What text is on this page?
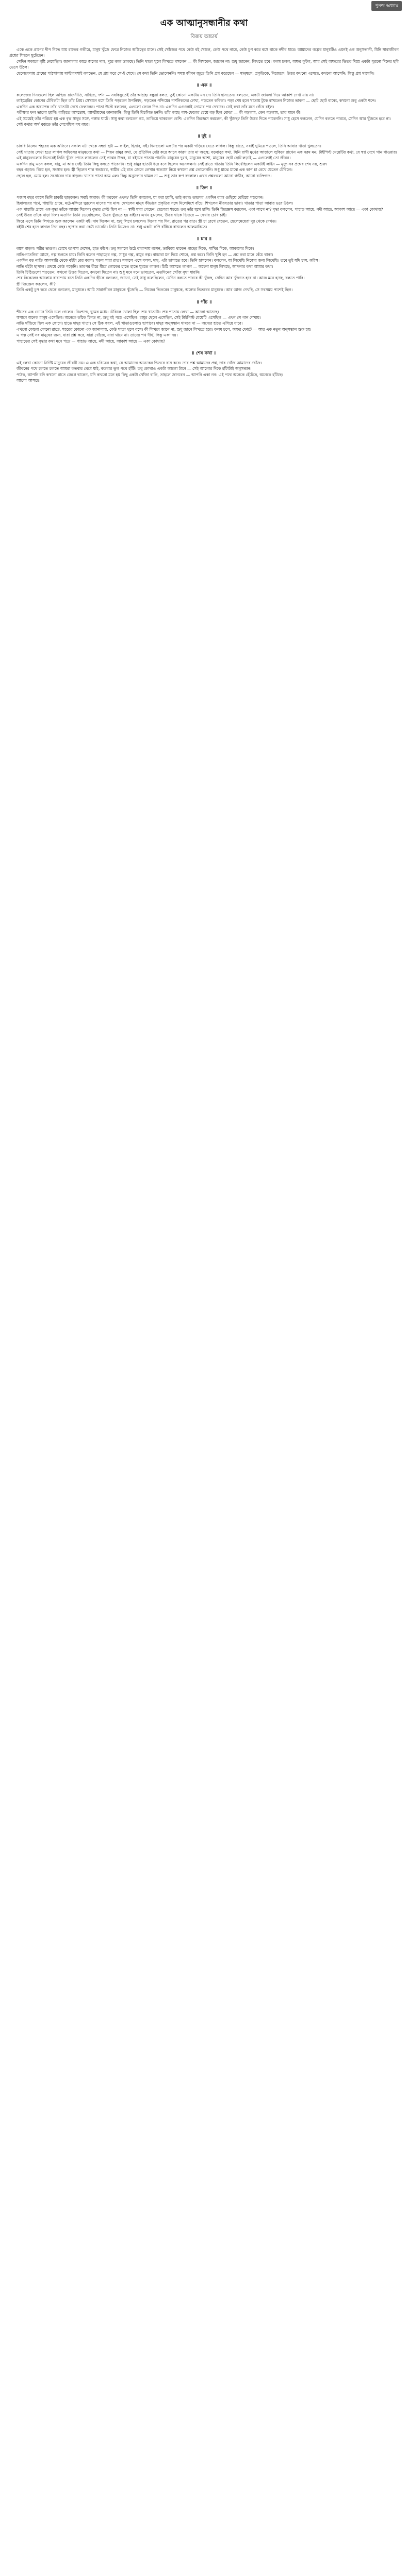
পুনশ্চ অধ্যায়
এক আত্মানুসন্ধানীর কথা
বিজয় আচার্য

একে একে প্রাণের দীপ নিভে যায় রাতের গভীরে, মানুষ খুঁজে ফেরে নিজের অস্তিত্বের মানে। সেই খোঁজের পথে কেউ বই খোলে, কেউ পথে নামে, কেউ চুপ করে বসে থাকে নদীর ধারে। আমাদের গল্পের মানুষটিও এমনই এক অনুসন্ধানী, যিনি সারাজীবন প্রশ্নের পিছনে ছুটেছেন।

সেদিন সকালে বৃষ্টি নেমেছিল। জানালার কাচে জলের দাগ, দূরে কাক ডাকছে। তিনি খাতা খুলে লিখতে বসলেন — কী লিখবেন, জানেন না। শুধু জানেন, লিখতে হবে। কলম চলল, অক্ষর ফুটল, আর সেই অক্ষরের ভিতর দিয়ে একটা পুরনো দিনের ছবি ভেসে উঠল।

ছেলেবেলায় গ্রামের পাঠশালায় মাস্টারমশাই বলতেন, যে প্রশ্ন করে সে-ই শেখে। সে কথা তিনি ভোলেননি। সমস্ত জীবন জুড়ে তিনি প্রশ্ন করেছেন — মানুষকে, প্রকৃতিকে, নিজেকে। উত্তর কখনো এসেছে, কখনো আসেনি; কিন্তু প্রশ্ন থামেনি।

॥ এক ॥

কলেজের দিনগুলো ছিল অস্থির। রাজনীতি, সাহিত্য, দর্শন — সবকিছুতেই তাঁর আগ্রহ। বন্ধুরা বলত, তুই কোনো একটায় মন দে। তিনি হাসতেন। বলতেন, একটা জানলা দিয়ে আকাশ দেখা যায় না।

লাইব্রেরির কোণের টেবিলটা ছিল তাঁর প্রিয়। সেখানে বসে তিনি পড়তেন উপনিষদ, পড়তেন পশ্চিমের দার্শনিকদের লেখা, পড়তেন কবিতা। পড়া শেষ হলে খাতায় টুকে রাখতেন নিজের ভাবনা — ছোট ছোট বাক্যে, কখনো শুধু একটা শব্দে।

একদিন এক অধ্যাপক তাঁর খাতাটা দেখে ফেললেন। পাতা উল্টে বললেন, এগুলো ফেলে দিও না। একদিন এগুলোই তোমার পথ দেখাবে। সেই কথা তাঁর মনে গেঁথে রইল।

পরীক্ষার ফল ভালো হয়নি। বাড়িতে অসন্তোষ, আত্মীয়দের কানাকানি। কিন্তু তিনি বিচলিত হননি। তাঁর কাছে পাশ-ফেলের চেয়ে বড় ছিল বোঝা — কী পড়লাম, কেন পড়লাম, তার মানে কী।

এই সময়েই তাঁর পরিচয় হয় এক বৃদ্ধ সাধুর সঙ্গে, গঙ্গার ঘাটে। সাধু কথা বলতেন কম, তাকিয়ে থাকতেন বেশি। একদিন জিজ্ঞেস করলেন, কী খুঁজছ? তিনি উত্তর দিতে পারেননি। সাধু হেসে বললেন, যেদিন বলতে পারবে, সেদিন আর খুঁজতে হবে না।

সেই কথার অর্থ বুঝতে তাঁর লেগেছিল বহু বছর।

॥ দুই ॥

চাকরি নিলেন শহরের এক অফিসে। সকাল নটা থেকে সন্ধ্যা ছটা — ফাইল, হিসাব, সই। দিনগুলো একটার পর একটা গড়িয়ে যেতে লাগল। কিন্তু রাতে, সবাই ঘুমিয়ে পড়লে, তিনি আবার খাতা খুলতেন।

সেই খাতায় লেখা হতে লাগল অফিসের মানুষদের কথা — পিয়ন রামুর কথা, যে প্রতিদিন দেরি করে আসে কারণ তার মা অসুস্থ; বড়বাবুর কথা, যিনি রাগী মুখের আড়ালে লুকিয়ে রাখেন এক নরম মন; টাইপিস্ট মেয়েটির কথা, যে স্বপ্ন দেখে গান গাওয়ার।

এই মানুষগুলোর ভিতরেই তিনি খুঁজে পেতে লাগলেন সেই প্রশ্নের উত্তর, যা বইয়ের পাতায় পাননি। মানুষের দুঃখ, মানুষের আশা, মানুষের ছোট ছোট লড়াই — এগুলোই তো জীবন।

একদিন রামু এসে বলল, বাবু, মা আর নেই। তিনি কিছু বলতে পারেননি। শুধু রামুর হাতটা ধরে বসে ছিলেন অনেকক্ষণ। সেই রাতে খাতায় তিনি লিখেছিলেন একটাই লাইন — মৃত্যু সব প্রশ্নের শেষ নয়, শুরু।

বছর গড়াল। বিয়ে হল, সংসার হল। স্ত্রী ছিলেন শান্ত স্বভাবের, স্বামীর এই রাত জেগে লেখার অভ্যাস নিয়ে কখনো প্রশ্ন তোলেননি। শুধু মাঝে মাঝে এক কাপ চা রেখে যেতেন টেবিলে।

ছেলে হল, মেয়ে হল। সংসারের দায় বাড়ল। খাতার পাতা কমে এল। কিন্তু অনুসন্ধান থামল না — শুধু তার রূপ বদলাল। এখন প্রশ্নগুলো আরো গভীর, আরো ব্যক্তিগত।

॥ তিন ॥

পঞ্চাশ বছর বয়সে তিনি চাকরি ছাড়লেন। সবাই অবাক। কী করবেন এখন? তিনি বললেন, যা করা হয়নি, তাই করব। তারপর একদিন ব্যাগ গুছিয়ে বেরিয়ে পড়লেন।

হিমালয়ের পথে, পাহাড়ি গ্রামে, মঠে-মন্দিরে ঘুরলেন মাসের পর মাস। দেখলেন মানুষ কীভাবে প্রকৃতির সঙ্গে মিলেমিশে বাঁচে। শিখলেন নীরবতার ভাষা। খাতার পাতা আবার ভরে উঠল।

এক পাহাড়ি গ্রামে এক বৃদ্ধা তাঁকে আশ্রয় দিলেন। বৃদ্ধার কেউ ছিল না — স্বামী মারা গেছেন, ছেলেরা শহরে। তবু তাঁর মুখে হাসি। তিনি জিজ্ঞেস করলেন, একা লাগে না? বৃদ্ধা বললেন, পাহাড় আছে, নদী আছে, আকাশ আছে — একা কোথায়?

সেই উত্তর তাঁকে নাড়া দিল। এতদিন তিনি ভেবেছিলেন, উত্তর খুঁজতে হয় বাইরে। এখন বুঝলেন, উত্তর থাকে ভিতরে — দেখার চোখ চাই।

ফিরে এসে তিনি লিখতে শুরু করলেন একটা বই। নাম দিলেন না, শুধু লিখে চললেন। দিনের পর দিন, রাতের পর রাত। স্ত্রী চা রেখে যেতেন, ছেলেমেয়েরা দূর থেকে দেখত।

বইটা শেষ হতে লাগল তিন বছর। ছাপার কথা কেউ ভাবেনি। তিনি নিজেও না। শুধু একটা কপি বাঁধিয়ে রাখলেন আলমারিতে।

॥ চার ॥

বয়স বাড়ল। শরীর ভাঙল। চোখে ঝাপসা দেখেন, হাত কাঁপে। তবু সকালে উঠে বারান্দায় বসেন, তাকিয়ে থাকেন গাছের দিকে, পাখির দিকে, আকাশের দিকে।

নাতি-নাতনিরা আসে, গল্প শুনতে চায়। তিনি বলেন পাহাড়ের গল্প, সাধুর গল্প, রামুর গল্প। বাচ্চারা মন দিয়ে শোনে, প্রশ্ন করে। তিনি খুশি হন — প্রশ্ন করা মানে বেঁচে থাকা।

একদিন বড় নাতি আলমারি থেকে বইটা বের করল। পড়ল সারা রাত। সকালে এসে বলল, দাদু, এটা ছাপাতে হবে। তিনি হাসলেন। বললেন, যা লিখেছি নিজের জন্য লিখেছি। তবে তুই যদি চাস, করিস।

নাতি বইটা ছাপাল। প্রথমে কেউ পড়েনি। তারপর ধীরে ধীরে লোকের হাতে হাতে ঘুরতে লাগল। চিঠি আসতে লাগল — অচেনা মানুষ লিখছে, আপনার কথা আমার কথা।

তিনি চিঠিগুলো পড়তেন, কখনো উত্তর দিতেন, কখনো দিতেন না। শুধু মনে মনে ভাবতেন, এতদিনের খোঁজ বৃথা যায়নি।

শেষ বিকেলের আলোয় বারান্দায় বসে তিনি একদিন স্ত্রীকে বললেন, জানো, সেই সাধু বলেছিলেন, যেদিন বলতে পারবে কী খুঁজছ, সেদিন আর খুঁজতে হবে না। আজ মনে হচ্ছে, বলতে পারি।

স্ত্রী জিজ্ঞেস করলেন, কী?

তিনি একটু চুপ করে থেকে বললেন, মানুষকে। আমি সারাজীবন মানুষকে খুঁজেছি — নিজের ভিতরের মানুষকে, অন্যের ভিতরের মানুষকে। আর আজ দেখছি, সে সবসময় পাশেই ছিল।

॥ পাঁচ ॥

শীতের এক ভোরে তিনি চলে গেলেন। নিঃশব্দে, ঘুমের মধ্যে। টেবিলে খোলা ছিল শেষ খাতাটা। শেষ পাতায় লেখা — আলো আসছে।

শ্মশানে অনেক মানুষ এসেছিল। অনেকে তাঁকে চিনত না, শুধু বই পড়ে এসেছিল। রামুর ছেলে এসেছিল, সেই টাইপিস্ট মেয়েটি এসেছিল — এখন সে গান শেখায়।

নাতি দাঁড়িয়ে ছিল এক কোণে। হাতে দাদুর খাতা। সে ঠিক করল, এই খাতাগুলোও ছাপাবে। দাদুর অনুসন্ধান থামবে না — অন্যের হাতে এগিয়ে যাবে।

এখনো কোনো কোনো রাতে, শহরের কোনো এক জানালায়, কেউ খাতা খুলে বসে। কী লিখবে জানে না, শুধু জানে লিখতে হবে। কলম চলে, অক্ষর ফোটে — আর এক নতুন অনুসন্ধান শুরু হয়।

এ গল্প সেই সব মানুষের জন্য, যারা প্রশ্ন করে, যারা খোঁজে, যারা থামে না। তাদের পথ দীর্ঘ, কিন্তু একা নয়।

পাহাড়ের সেই বৃদ্ধার কথা মনে পড়ে — পাহাড় আছে, নদী আছে, আকাশ আছে — একা কোথায়?

॥ শেষ কথা ॥

এই লেখা কোনো নির্দিষ্ট মানুষের জীবনী নয়। এ এক চরিত্রের কথা, যে আমাদের অনেকের ভিতরে বাস করে। তার প্রশ্ন আমাদের প্রশ্ন, তার খোঁজ আমাদের খোঁজ।

জীবনের পথে চলতে চলতে আমরা কতবার থেমে যাই, কতবার ভুল পথে হাঁটি। তবু কোথাও একটা আলো টানে — সেই আলোর দিকে হাঁটাটাই অনুসন্ধান।

পাঠক, আপনি যদি কখনো রাতে জেগে থাকেন, যদি কখনো মনে হয় কিছু একটা খোঁজা বাকি, তাহলে জানবেন — আপনি একা নন। এই পথে অনেকে হেঁটেছে, অনেকে হাঁটছে।

আলো আসছে।
